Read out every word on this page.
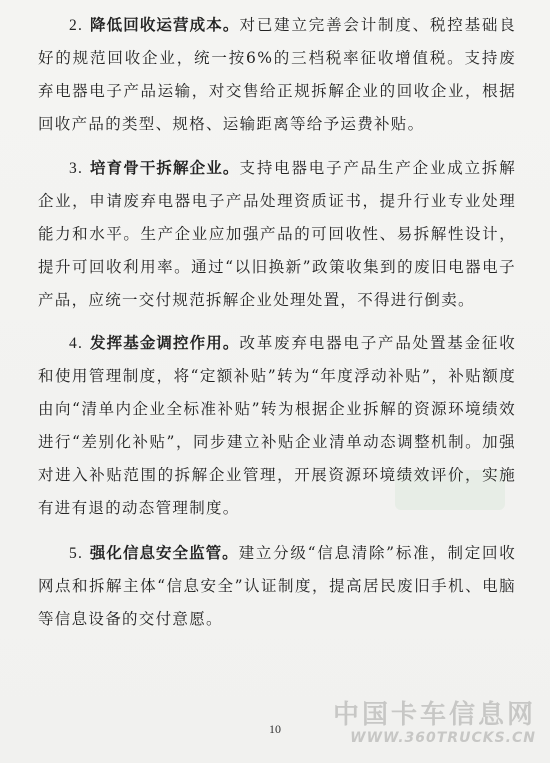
2. 降低回收运营成本。对已建立完善会计制度、税控基础良好的规范回收企业，统一按6%的三档税率征收增值税。支持废弃电器电子产品运输，对交售给正规拆解企业的回收企业，根据回收产品的类型、规格、运输距离等给予运费补贴。

3. 培育骨干拆解企业。支持电器电子产品生产企业成立拆解企业，申请废弃电器电子产品处理资质证书，提升行业专业处理能力和水平。生产企业应加强产品的可回收性、易拆解性设计，提升可回收利用率。通过“以旧换新”政策收集到的废旧电器电子产品，应统一交付规范拆解企业处理处置，不得进行倒卖。

4. 发挥基金调控作用。改革废弃电器电子产品处置基金征收和使用管理制度，将“定额补贴”转为“年度浮动补贴”，补贴额度由向“清单内企业全标准补贴”转为根据企业拆解的资源环境绩效进行“差别化补贴”，同步建立补贴企业清单动态调整机制。加强对进入补贴范围的拆解企业管理，开展资源环境绩效评价，实施有进有退的动态管理制度。

5. 强化信息安全监管。建立分级“信息清除”标准，制定回收网点和拆解主体“信息安全”认证制度，提高居民废旧手机、电脑等信息设备的交付意愿。

10	中国卡车信息网
WWW.360TRUCKS.CN
